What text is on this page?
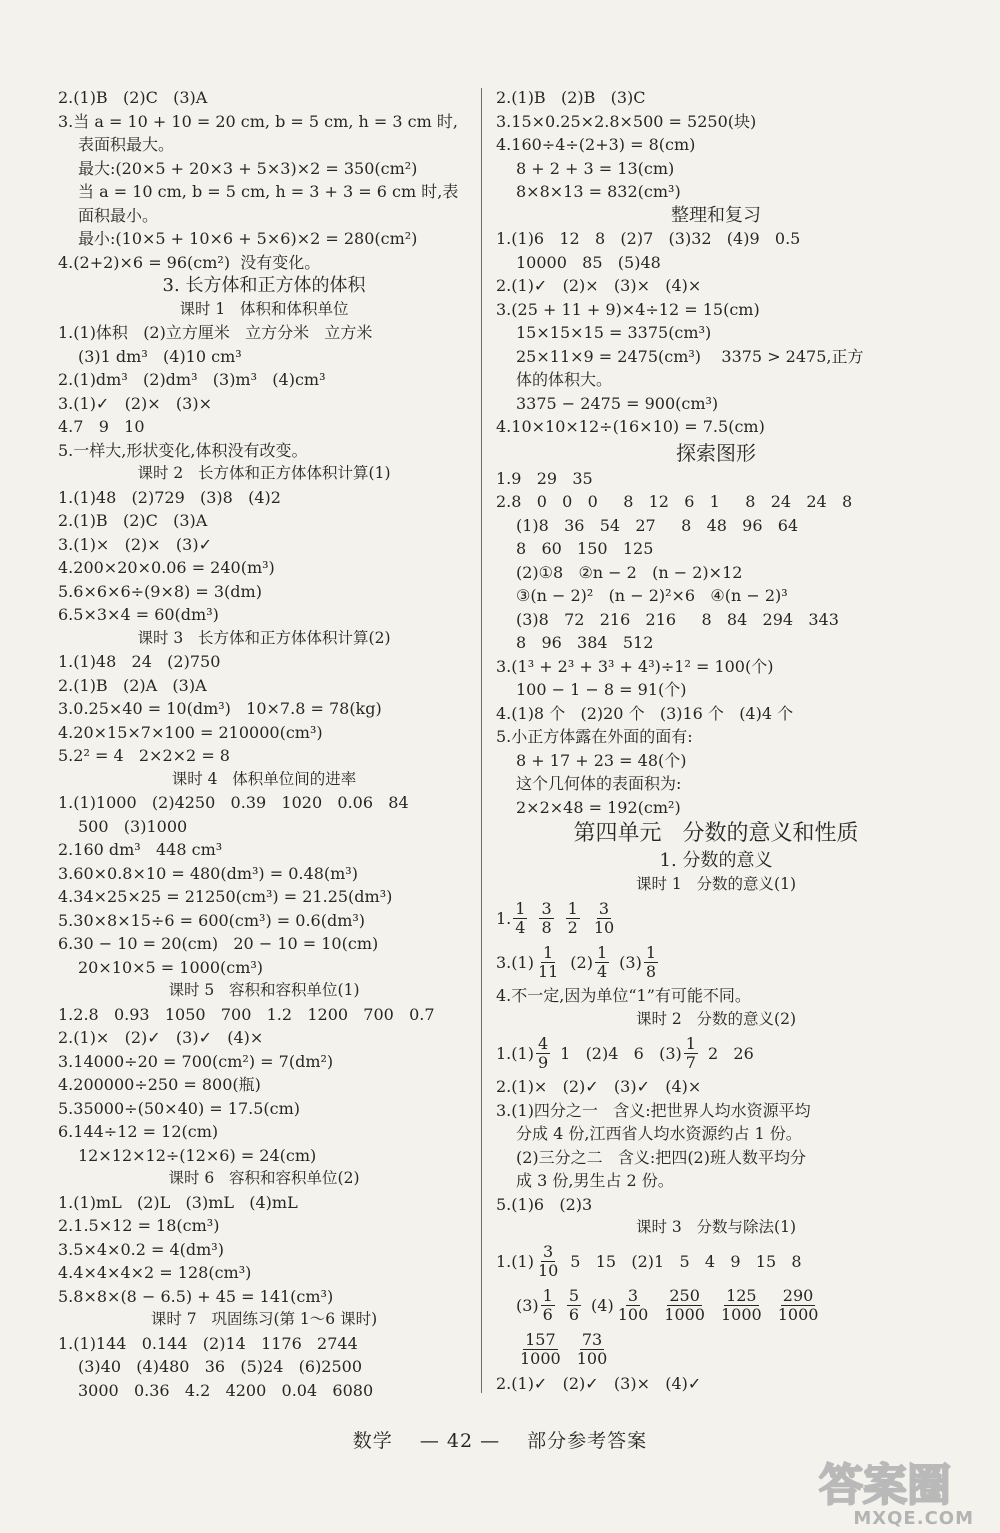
2.(1)B   (2)C   (3)A
3.当 a = 10 + 10 = 20 cm, b = 5 cm, h = 3 cm 时,
表面积最大。
最大:(20×5 + 20×3 + 5×3)×2 = 350(cm²)
当 a = 10 cm, b = 5 cm, h = 3 + 3 = 6 cm 时,表
面积最小。
最小:(10×5 + 10×6 + 5×6)×2 = 280(cm²)
4.(2+2)×6 = 96(cm²)  没有变化。
3. 长方体和正方体的体积
课时 1   体积和体积单位
1.(1)体积   (2)立方厘米   立方分米   立方米
(3)1 dm³   (4)10 cm³
2.(1)dm³   (2)dm³   (3)m³   (4)cm³
3.(1)✓   (2)×   (3)×
4.7   9   10
5.一样大,形状变化,体积没有改变。
课时 2   长方体和正方体体积计算(1)
1.(1)48   (2)729   (3)8   (4)2
2.(1)B   (2)C   (3)A
3.(1)×   (2)×   (3)✓
4.200×20×0.06 = 240(m³)
5.6×6×6÷(9×8) = 3(dm)
6.5×3×4 = 60(dm³)
课时 3   长方体和正方体体积计算(2)
1.(1)48   24   (2)750
2.(1)B   (2)A   (3)A
3.0.25×40 = 10(dm³)   10×7.8 = 78(kg)
4.20×15×7×100 = 210000(cm³)
5.2² = 4   2×2×2 = 8
课时 4   体积单位间的进率
1.(1)1000   (2)4250   0.39   1020   0.06   84
500   (3)1000
2.160 dm³   448 cm³
3.60×0.8×10 = 480(dm³) = 0.48(m³)
4.34×25×25 = 21250(cm³) = 21.25(dm³)
5.30×8×15÷6 = 600(cm³) = 0.6(dm³)
6.30 − 10 = 20(cm)   20 − 10 = 10(cm)
20×10×5 = 1000(cm³)
课时 5   容积和容积单位(1)
1.2.8   0.93   1050   700   1.2   1200   700   0.7
2.(1)×   (2)✓   (3)✓   (4)×
3.14000÷20 = 700(cm²) = 7(dm²)
4.200000÷250 = 800(瓶)
5.35000÷(50×40) = 17.5(cm)
6.144÷12 = 12(cm)
12×12×12÷(12×6) = 24(cm)
课时 6   容积和容积单位(2)
1.(1)mL   (2)L   (3)mL   (4)mL
2.1.5×12 = 18(cm³)
3.5×4×0.2 = 4(dm³)
4.4×4×4×2 = 128(cm³)
5.8×8×(8 − 6.5) + 45 = 141(cm³)
课时 7   巩固练习(第 1～6 课时)
1.(1)144   0.144   (2)14   1176   2744
(3)40   (4)480   36   (5)24   (6)2500
3000   0.36   4.2   4200   0.04   6080
2.(1)B   (2)B   (3)C
3.15×0.25×2.8×500 = 5250(块)
4.160÷4÷(2+3) = 8(cm)
8 + 2 + 3 = 13(cm)
8×8×13 = 832(cm³)
整理和复习
1.(1)6   12   8   (2)7   (3)32   (4)9   0.5
10000   85   (5)48
2.(1)✓   (2)×   (3)×   (4)×
3.(25 + 11 + 9)×4÷12 = 15(cm)
15×15×15 = 3375(cm³)
25×11×9 = 2475(cm³)    3375 > 2475,正方
体的体积大。
3375 − 2475 = 900(cm³)
4.10×10×12÷(16×10) = 7.5(cm)
探索图形
1.9   29   35
2.8   0   0   0     8   12   6   1     8   24   24   8
(1)8   36   54   27     8   48   96   64
8   60   150   125
(2)①8   ②n − 2   (n − 2)×12
③(n − 2)²   (n − 2)²×6   ④(n − 2)³
(3)8   72   216   216     8   84   294   343
8   96   384   512
3.(1³ + 2³ + 3³ + 4³)÷1² = 100(个)
100 − 1 − 8 = 91(个)
4.(1)8 个   (2)20 个   (3)16 个   (4)4 个
5.小正方体露在外面的面有:
8 + 17 + 23 = 48(个)
这个几何体的表面积为:
2×2×48 = 192(cm²)
第四单元   分数的意义和性质
1. 分数的意义
课时 1   分数的意义(1)
1. $\frac{1}{4} \frac{3}{8} \frac{1}{2} \frac{3}{10}$
$3.(1) \frac{1}{11} (2) \frac{1}{4} (3) \frac{1}{8}$
4.不一定,因为单位“1”有可能不同。
课时 2   分数的意义(2)
$1.(1) \frac{4}{9} 1$   (2)4   6   $(3) \frac{1}{7} 2$   26
2.(1)×   (2)✓   (3)✓   (4)×
3.(1)四分之一   含义:把世界人均水资源平均
分成 4 份,江西省人均水资源约占 1 份。
(2)三分之二   含义:把四(2)班人数平均分
成 3 份,男生占 2 份。
5.(1)6   (2)3
课时 3   分数与除法(1)
$1.(1) \frac{3}{10} 5$   15   (2)1   5   4   9   15   8
$(3) \frac{1}{6} \frac{5}{6} (4) \frac{3}{100} \frac{250}{1000} \frac{125}{1000} \frac{290}{1000}$
$\frac{157}{1000} \frac{73}{100}$
2.(1)✓   (2)✓   (3)×   (4)✓
数学 — 42 — 部分参考答案
答案圈
MXQE.COM
